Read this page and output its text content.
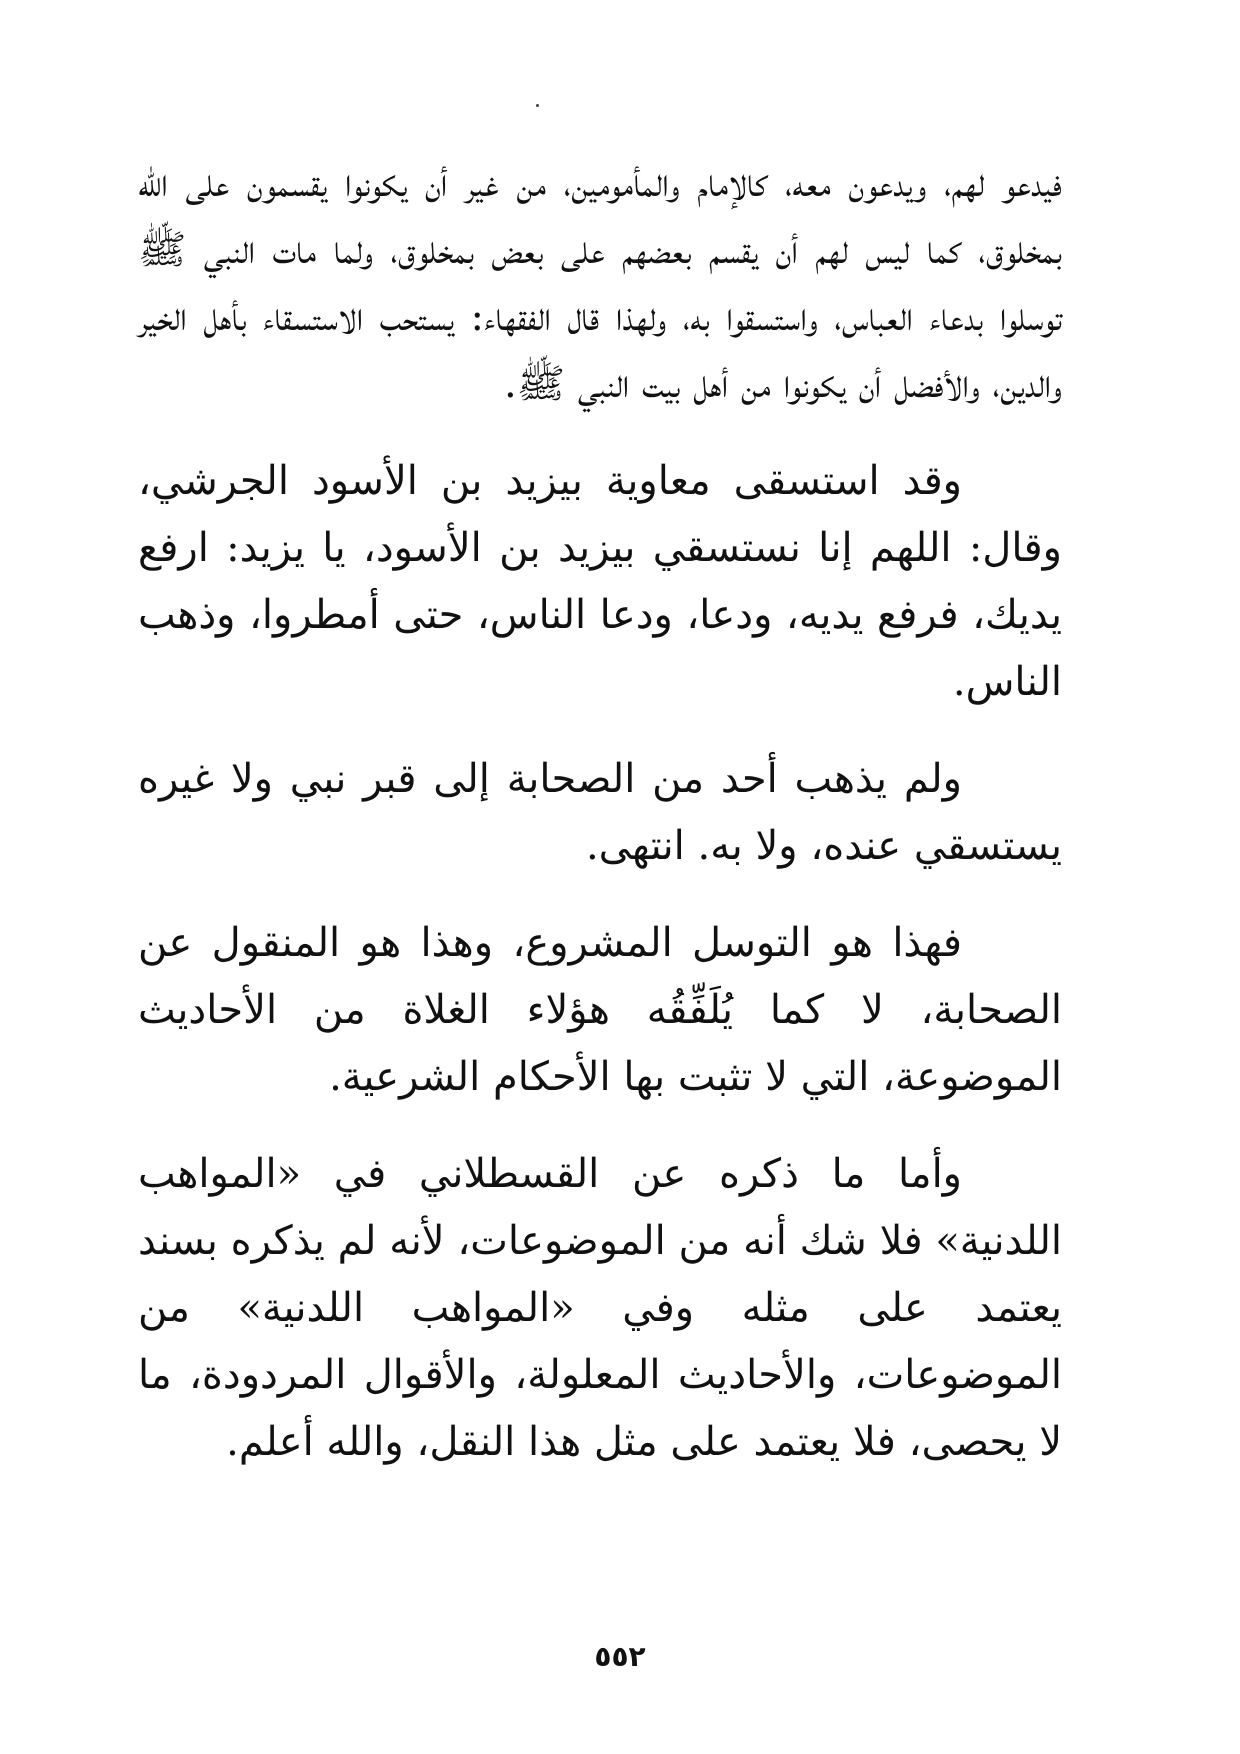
فيدعو لهم، ويدعون معه، كالإمام والمأمومين، من غير أن يكونوا يقسمون على الله بمخلوق، كما ليس لهم أن يقسم بعضهم على بعض بمخلوق، ولما مات النبي ﷺ توسلوا بدعاء العباس، واستسقوا به، ولهذا قال الفقهاء: يستحب الاستسقاء بأهل الخير والدين، والأفضل أن يكونوا من أهل بيت النبي ﷺ.

وقد استسقى معاوية بيزيد بن الأسود الجرشي، وقال: اللهم إنا نستسقي بيزيد بن الأسود، يا يزيد: ارفع يديك، فرفع يديه، ودعا، ودعا الناس، حتى أمطروا، وذهب الناس.

ولم يذهب أحد من الصحابة إلى قبر نبي ولا غيره يستسقي عنده، ولا به. انتهى.

فهذا هو التوسل المشروع، وهذا هو المنقول عن الصحابة، لا كما يُلَفِّقُه هؤلاء الغلاة من الأحاديث الموضوعة، التي لا تثبت بها الأحكام الشرعية.

وأما ما ذكره عن القسطلاني في «المواهب اللدنية» فلا شك أنه من الموضوعات، لأنه لم يذكره بسند يعتمد على مثله وفي «المواهب اللدنية» من الموضوعات، والأحاديث المعلولة، والأقوال المردودة، ما لا يحصى، فلا يعتمد على مثل هذا النقل، والله أعلم.

٥٥٢
